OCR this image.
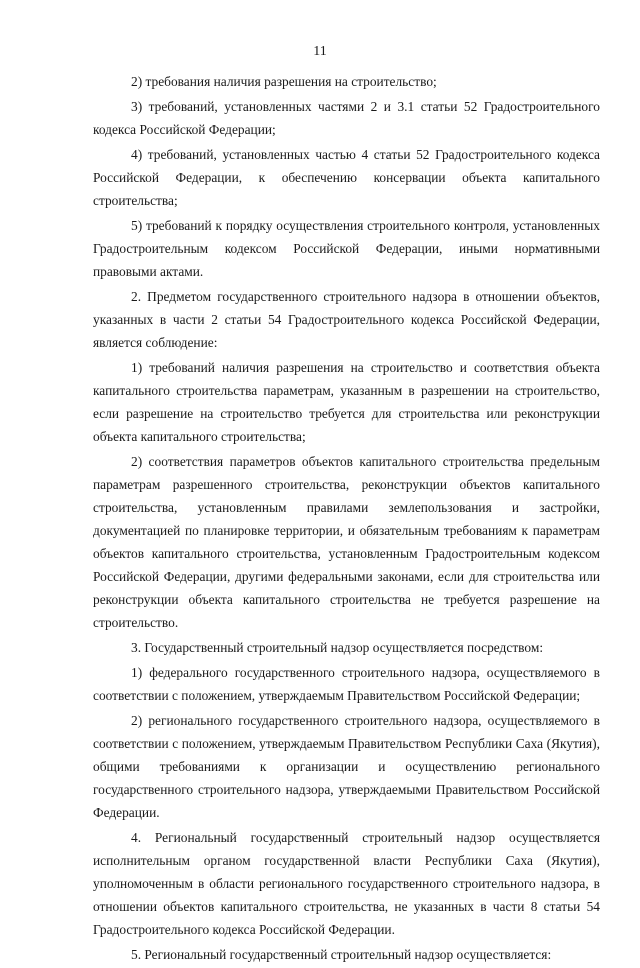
11

2) требования наличия разрешения на строительство;

3) требований, установленных частями 2 и 3.1 статьи 52 Градостроительного кодекса Российской Федерации;

4) требований, установленных частью 4 статьи 52 Градостроительного кодекса Российской Федерации, к обеспечению консервации объекта капитального строительства;

5) требований к порядку осуществления строительного контроля, установленных Градостроительным кодексом Российской Федерации, иными нормативными правовыми актами.

2. Предметом государственного строительного надзора в отношении объектов, указанных в части 2 статьи 54 Градостроительного кодекса Российской Федерации, является соблюдение:

1) требований наличия разрешения на строительство и соответствия объекта капитального строительства параметрам, указанным в разрешении на строительство, если разрешение на строительство требуется для строительства или реконструкции объекта капитального строительства;

2) соответствия параметров объектов капитального строительства предельным параметрам разрешенного строительства, реконструкции объектов капитального строительства, установленным правилами землепользования и застройки, документацией по планировке территории, и обязательным требованиям к параметрам объектов капитального строительства, установленным Градостроительным кодексом Российской Федерации, другими федеральными законами, если для строительства или реконструкции объекта капитального строительства не требуется разрешение на строительство.

3. Государственный строительный надзор осуществляется посредством:

1) федерального государственного строительного надзора, осуществляемого в соответствии с положением, утверждаемым Правительством Российской Федерации;

2) регионального государственного строительного надзора, осуществляемого в соответствии с положением, утверждаемым Правительством Республики Саха (Якутия), общими требованиями к организации и осуществлению регионального государственного строительного надзора, утверждаемыми Правительством Российской Федерации.

4. Региональный государственный строительный надзор осуществляется исполнительным органом государственной власти Республики Саха (Якутия), уполномоченным в области регионального государственного строительного надзора, в отношении объектов капитального строительства, не указанных в части 8 статьи 54 Градостроительного кодекса Российской Федерации.

5. Региональный государственный строительный надзор осуществляется:
